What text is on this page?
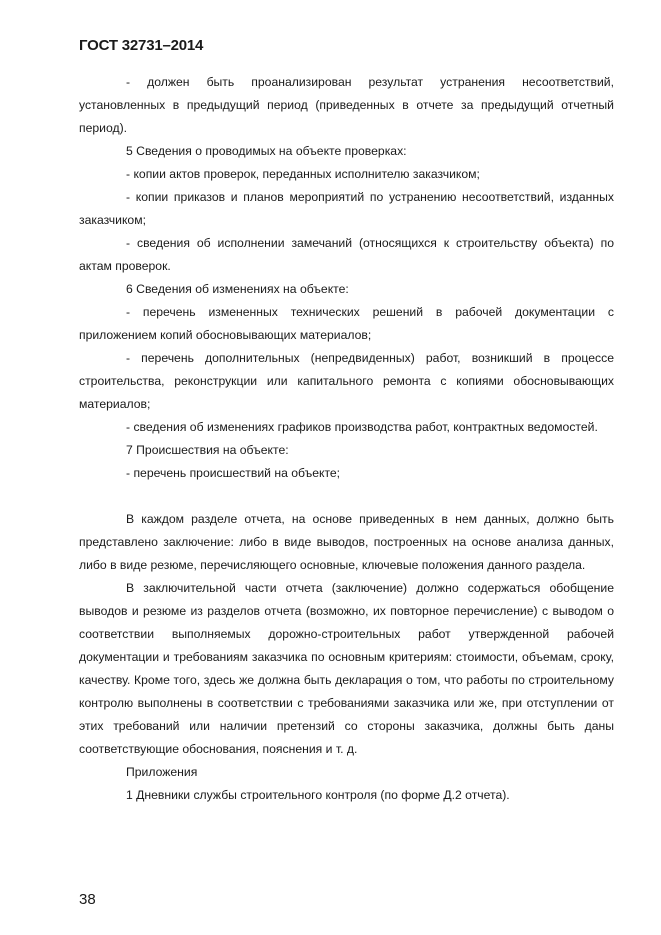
ГОСТ 32731–2014

- должен быть проанализирован результат устранения несоответствий, установленных в предыдущий период (приведенных в отчете за предыдущий отчетный период).

5 Сведения о проводимых на объекте проверках:

- копии актов проверок, переданных исполнителю заказчиком;

- копии приказов и планов мероприятий по устранению несоответствий, изданных заказчиком;

- сведения об исполнении замечаний (относящихся к строительству объекта) по актам проверок.

6 Сведения об изменениях на объекте:

- перечень измененных технических решений в рабочей документации с приложением копий обосновывающих материалов;

- перечень дополнительных (непредвиденных) работ, возникший в процессе строительства, реконструкции или капитального ремонта с копиями обосновывающих материалов;

- сведения об изменениях графиков производства работ, контрактных ведомостей.

7 Происшествия на объекте:

- перечень происшествий на объекте;

В каждом разделе отчета, на основе приведенных в нем данных, должно быть представлено заключение: либо в виде выводов, построенных на основе анализа данных, либо в виде резюме, перечисляющего основные, ключевые положения данного раздела.

В заключительной части отчета (заключение) должно содержаться обобщение выводов и резюме из разделов отчета (возможно, их повторное перечисление) с выводом о соответствии выполняемых дорожно-строительных работ утвержденной рабочей документации и требованиям заказчика по основным критериям: стоимости, объемам, сроку, качеству. Кроме того, здесь же должна быть декларация о том, что работы по строительному контролю выполнены в соответствии с требованиями заказчика или же, при отступлении от этих требований или наличии претензий со стороны заказчика, должны быть даны соответствующие обоснования, пояснения и т. д.

Приложения

1 Дневники службы строительного контроля (по форме Д.2 отчета).

38
